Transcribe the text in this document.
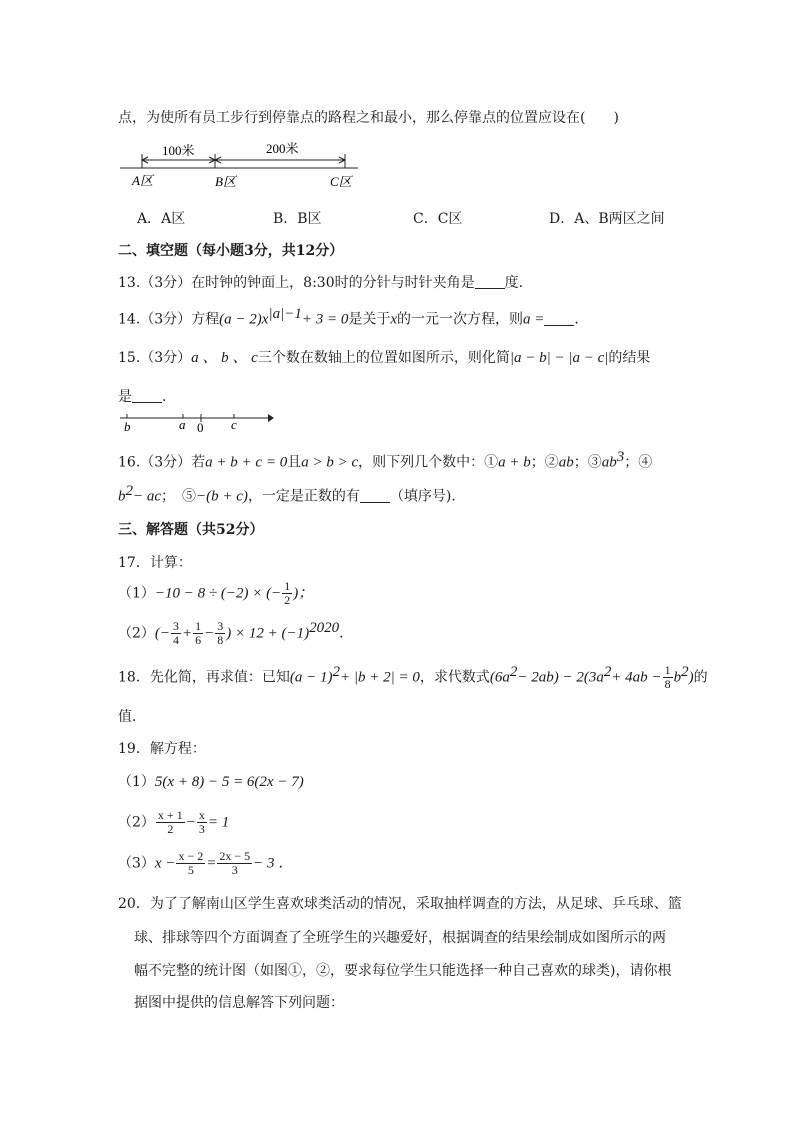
点，为使所有员工步行到停靠点的路程之和最小，那么停靠点的位置应设在(　　)
100米	200米
A区	B区	C区
A．A区	B．B区	C．C区	D．A、B两区之间
二、填空题（每小题3分，共12分）
13.（3分）在时钟的钟面上，8:30时的分针与时针夹角是 度．
14.（3分）方程$(a - 2)x^{|a|-1}+ 3 = 0$是关于x的一元一次方程，则a = ．
15.（3分）a 、 b 、 c三个数在数轴上的位置如图所示，则化简|a − b| − |a − c|的结果
是 ．
b	a 0 c
16.（3分）若a + b + c = 0且a > b > c，则下列几个数中：①a + b；②ab；$③ab^3$；④
$b^2-$ ac；　⑤−(b + c)，一定是正数的有 （填序号)．
三、解答题（共52分）
17．计算：
（1）−10 − 8 ÷ (−2) × (− $\frac{1}{2}$ )；
$(2)(- \frac{3}{4} + \frac{1}{6} - \frac{3}{8}$ ) × $12 + (-1)^{2020}$．
18．先化简，再求值：已知$(a - 1)^2+ |b + 2| = 0$，求代数式$(6a^2- 2ab) - 2(3a^2+ 4ab - \frac{1}{8} b^2)$的
值．
19．解方程：
（1）5(x + 8) − 5 = 6(2x − 7)
$(2) \frac{x + 1}{2} - \frac{x}{3} = 1$
$(3)x - \frac{x - 2}{5} = \frac{2x - 5}{3} - 3$ ．
20．为了了解南山区学生喜欢球类活动的情况，采取抽样调查的方法，从足球、乒乓球、篮
球、排球等四个方面调查了全班学生的兴趣爱好，根据调查的结果绘制成如图所示的两
幅不完整的统计图（如图①，②，要求每位学生只能选择一种自己喜欢的球类)，请你根
据图中提供的信息解答下列问题：
